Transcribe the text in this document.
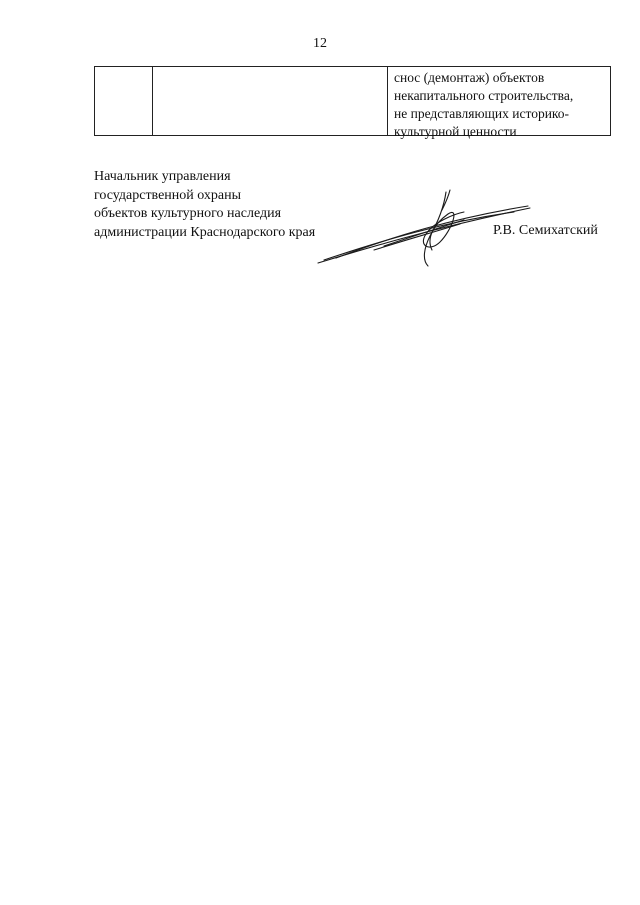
12

снос (демонтаж) объектов
некапитального строительства,
не представляющих историко-
культурной ценности
Начальник управления
государственной охраны
объектов культурного наследия
администрации Краснодарского края	Р.В. Семихатский
